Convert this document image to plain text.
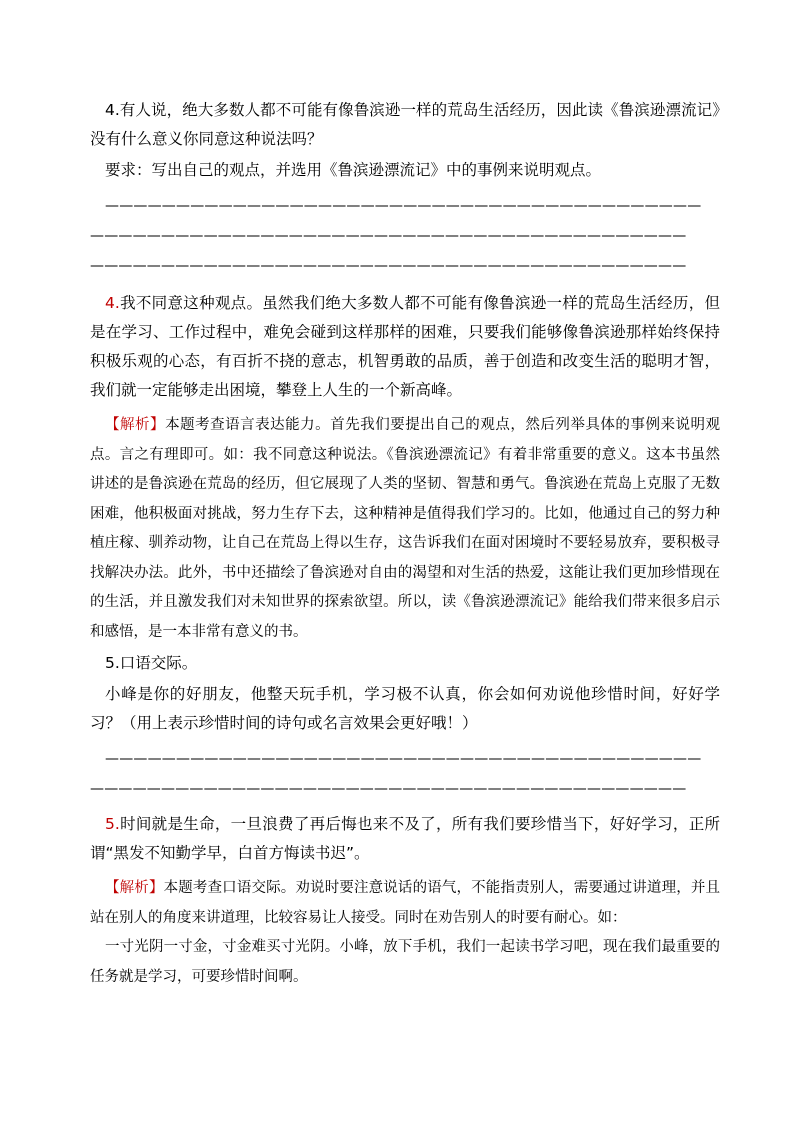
4.有人说，绝大多数人都不可能有像鲁滨逊一样的荒岛生活经历，因此读《鲁滨逊漂流记》没有什么意义你同意这种说法吗？

要求：写出自己的观点，并选用《鲁滨逊漂流记》中的事例来说明观点。

——————————————————————————————————————————

——————————————————————————————————————————

——————————————————————————————————————————

4.我不同意这种观点。虽然我们绝大多数人都不可能有像鲁滨逊一样的荒岛生活经历，但是在学习、工作过程中，难免会碰到这样那样的困难，只要我们能够像鲁滨逊那样始终保持积极乐观的心态，有百折不挠的意志，机智勇敢的品质，善于创造和改变生活的聪明才智，我们就一定能够走出困境，攀登上人生的一个新高峰。

【解析】本题考查语言表达能力。首先我们要提出自己的观点，然后列举具体的事例来说明观点。言之有理即可。如：我不同意这种说法。《鲁滨逊漂流记》有着非常重要的意义。这本书虽然讲述的是鲁滨逊在荒岛的经历，但它展现了人类的坚韧、智慧和勇气。鲁滨逊在荒岛上克服了无数困难，他积极面对挑战，努力生存下去，这种精神是值得我们学习的。比如，他通过自己的努力种植庄稼、驯养动物，让自己在荒岛上得以生存，这告诉我们在面对困境时不要轻易放弃，要积极寻找解决办法。此外，书中还描绘了鲁滨逊对自由的渴望和对生活的热爱，这能让我们更加珍惜现在的生活，并且激发我们对未知世界的探索欲望。所以，读《鲁滨逊漂流记》能给我们带来很多启示和感悟，是一本非常有意义的书。

5.口语交际。

小峰是你的好朋友，他整天玩手机，学习极不认真，你会如何劝说他珍惜时间，好好学习？（用上表示珍惜时间的诗句或名言效果会更好哦！）

——————————————————————————————————————————

——————————————————————————————————————————

5.时间就是生命，一旦浪费了再后悔也来不及了，所有我们要珍惜当下，好好学习，正所谓“黑发不知勤学早，白首方悔读书迟”。

【解析】本题考查口语交际。劝说时要注意说话的语气，不能指责别人，需要通过讲道理，并且站在别人的角度来讲道理，比较容易让人接受。同时在劝告别人的时要有耐心。如：

一寸光阴一寸金，寸金难买寸光阴。小峰，放下手机，我们一起读书学习吧，现在我们最重要的任务就是学习，可要珍惜时间啊。
